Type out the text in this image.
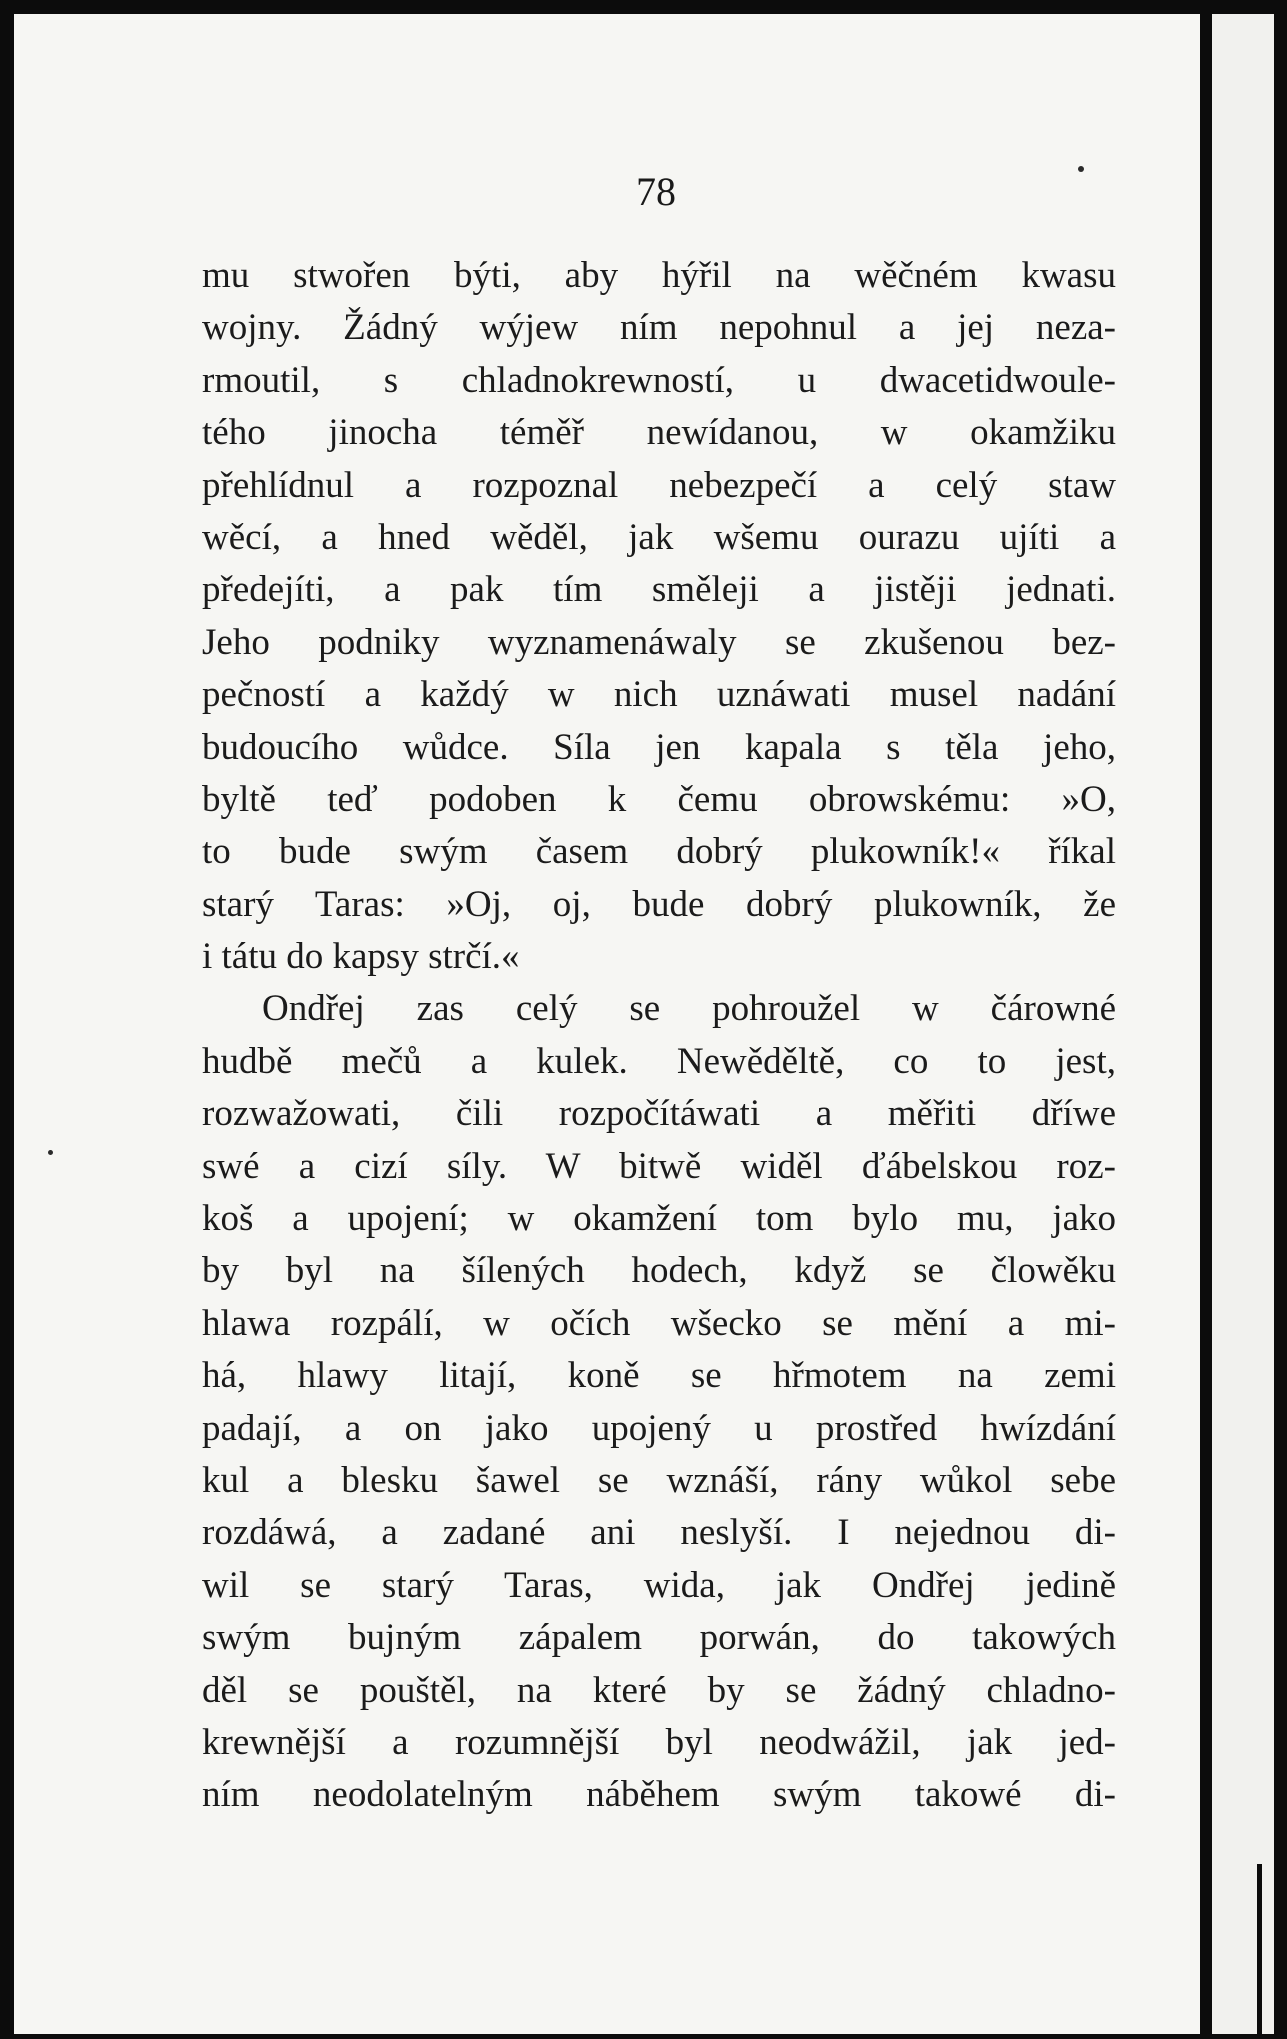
78
mu stwořen býti, aby hýřil na wěčném kwasu
wojny. Žádný wýjew ním nepohnul a jej neza-
rmoutil, s chladnokrewností, u dwacetidwoule-
tého jinocha téměř newídanou, w okamžiku
přehlídnul a rozpoznal nebezpečí a celý staw
wěcí, a hned wěděl, jak wšemu ourazu ujíti a
předejíti, a pak tím směleji a jistěji jednati.
Jeho podniky wyznamenáwaly se zkušenou bez-
pečností a každý w nich uznáwati musel nadání
budoucího wůdce. Síla jen kapala s těla jeho,
byltě teď podoben k čemu obrowskému: »O,
to bude swým časem dobrý plukowník!« říkal
starý Taras: »Oj, oj, bude dobrý plukowník, že
i tátu do kapsy strčí.«
Ondřej zas celý se pohroužel w čárowné
hudbě mečů a kulek. Newěděltě, co to jest,
rozwažowati, čili rozpočítáwati a měřiti dříwe
swé a cizí síly. W bitwě widěl ďábelskou roz-
koš a upojení; w okamžení tom bylo mu, jako
by byl na šílených hodech, když se člowěku
hlawa rozpálí, w očích wšecko se mění a mi-
há, hlawy litají, koně se hřmotem na zemi
padají, a on jako upojený u prostřed hwízdání
kul a blesku šawel se wznáší, rány wůkol sebe
rozdáwá, a zadané ani neslyší. I nejednou di-
wil se starý Taras, wida, jak Ondřej jedině
swým bujným zápalem porwán, do takowých
děl se pouštěl, na které by se žádný chladno-
krewnější a rozumnější byl neodwážil, jak jed-
ním neodolatelným náběhem swým takowé di-
